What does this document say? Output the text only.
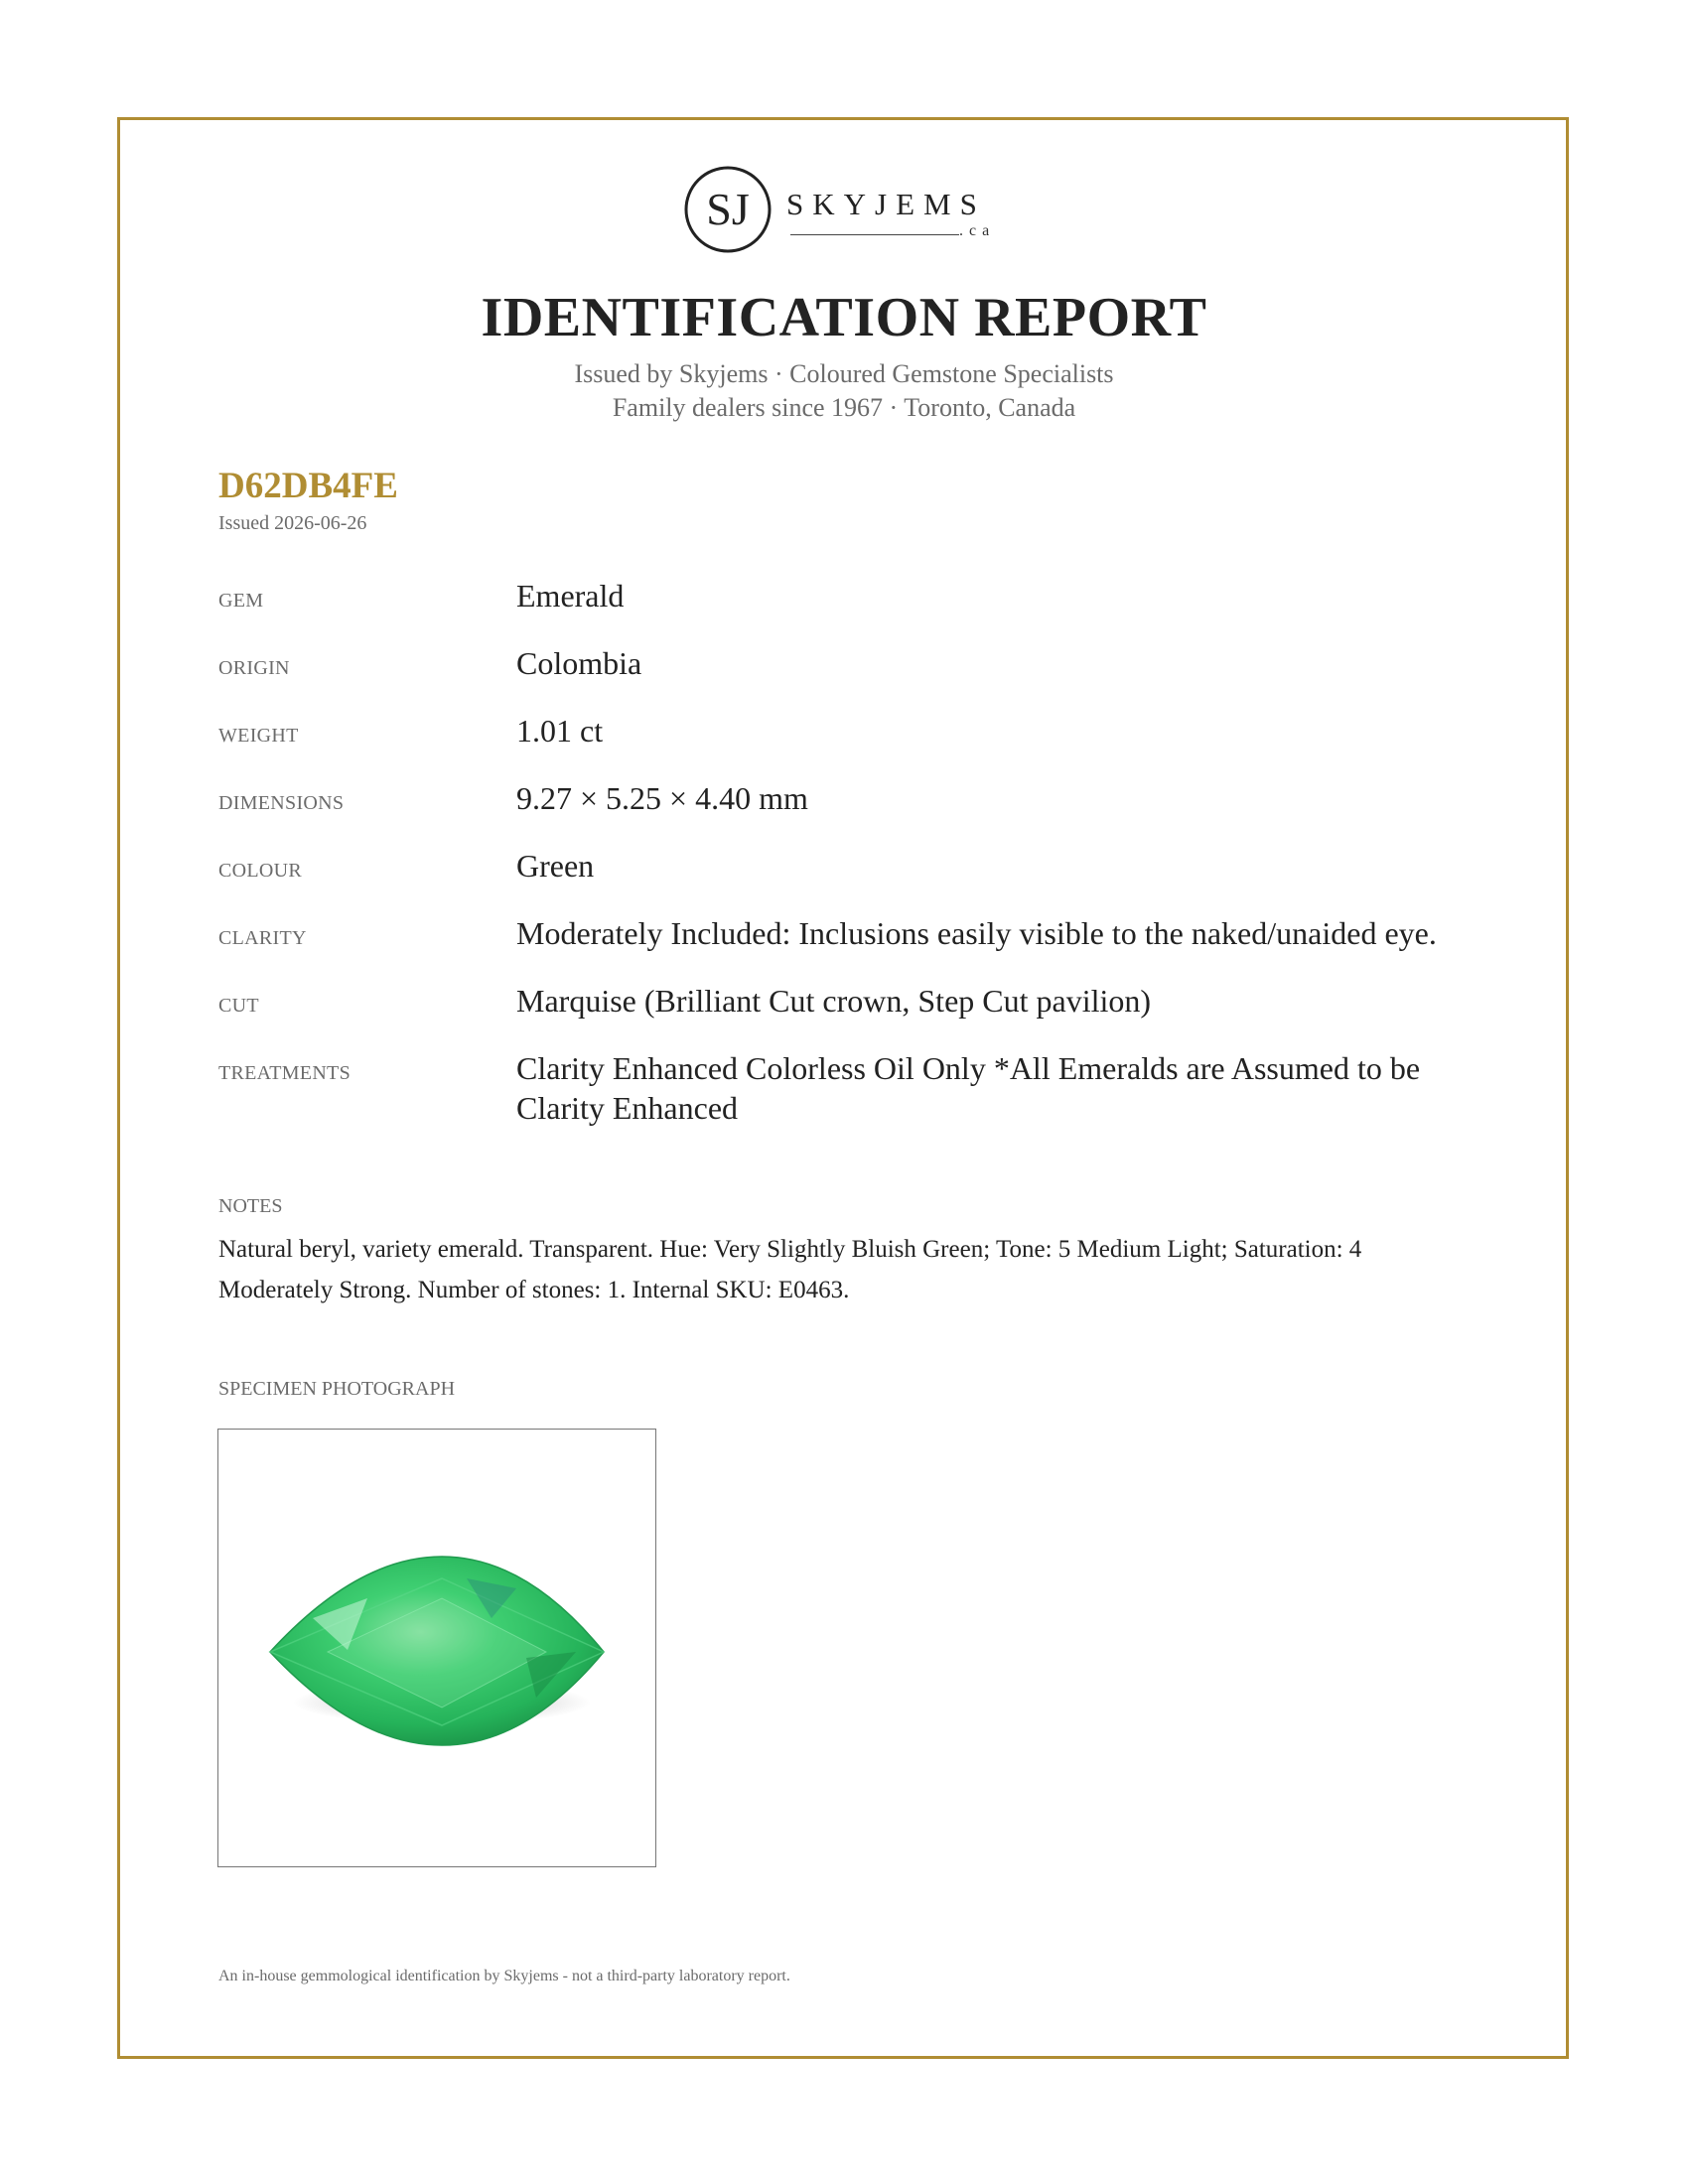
SJ SKYJEMS
.ca
IDENTIFICATION REPORT
Issued by Skyjems · Coloured Gemstone Specialists
Family dealers since 1967 · Toronto, Canada
D62DB4FE
Issued 2026-06-26
GEM	Emerald
ORIGIN	Colombia
WEIGHT	1.01 ct
DIMENSIONS	9.27 × 5.25 × 4.40 mm
COLOUR	Green
CLARITY	Moderately Included: Inclusions easily visible to the naked/unaided eye.
CUT	Marquise (Brilliant Cut crown, Step Cut pavilion)
TREATMENTS	Clarity Enhanced Colorless Oil Only *All Emeralds are Assumed to be Clarity Enhanced
NOTES
Natural beryl, variety emerald. Transparent. Hue: Very Slightly Bluish Green; Tone: 5 Medium Light; Saturation: 4 Moderately Strong. Number of stones: 1. Internal SKU: E0463.
SPECIMEN PHOTOGRAPH
An in-house gemmological identification by Skyjems - not a third-party laboratory report.
